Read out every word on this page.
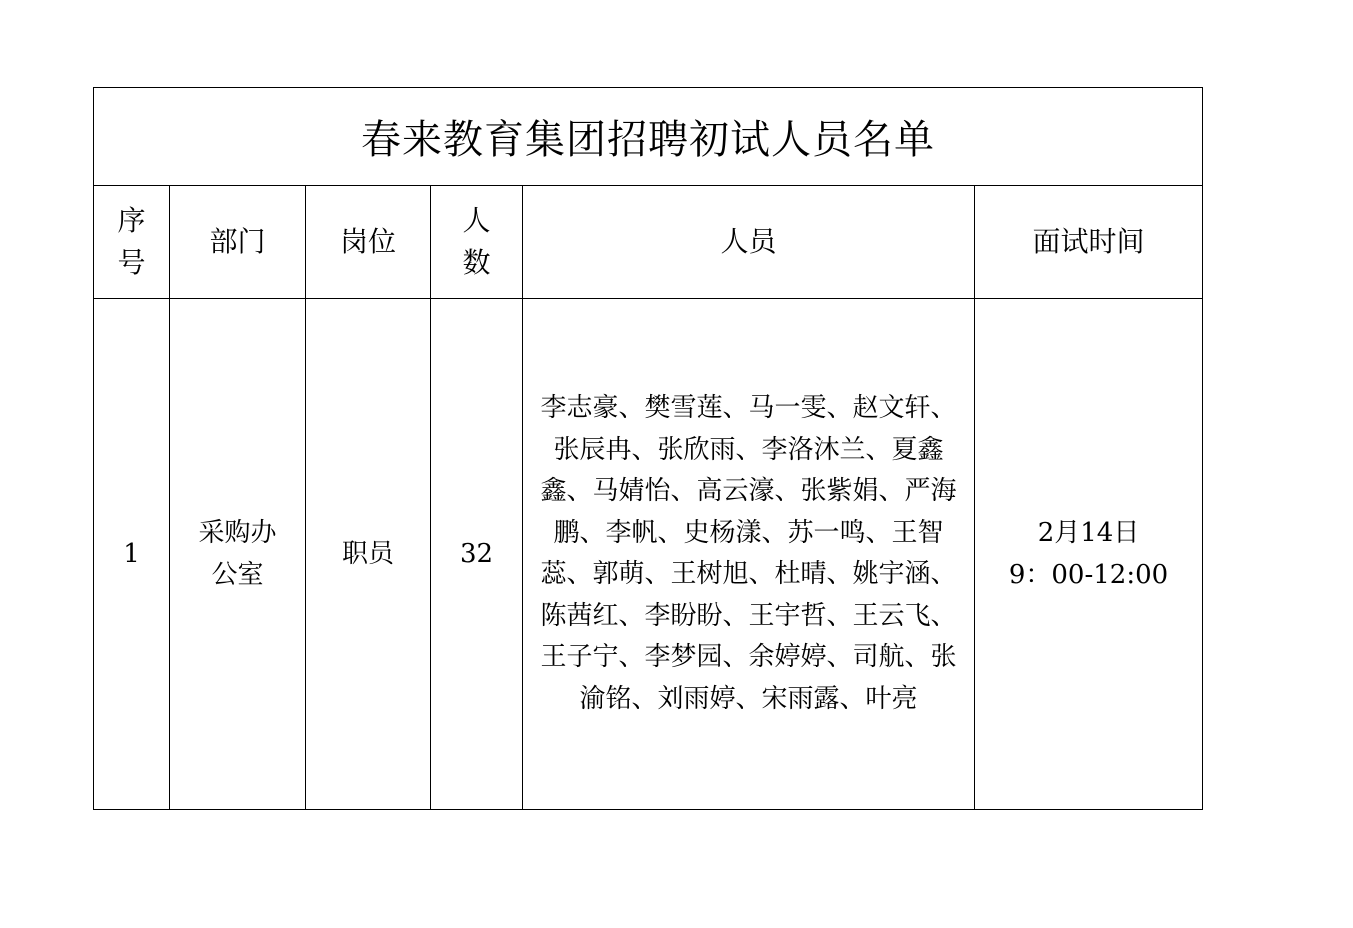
春来教育集团招聘初试人员名单					

序号	部门	岗位	人数	人员	面试时间
1	采购办公室	职员	32	李志豪、樊雪莲、马一雯、赵文轩、张辰冉、张欣雨、李洛沐兰、夏鑫鑫、马婧怡、高云濠、张紫娟、严海鹏、李帆、史杨漾、苏一鸣、王智蕊、郭萌、王树旭、杜晴、姚宇涵、陈茜红、李盼盼、王宇哲、王云飞、王子宁、李梦园、余婷婷、司航、张渝铭、刘雨婷、宋雨露、叶亮	2月14日
9：00-12:00
